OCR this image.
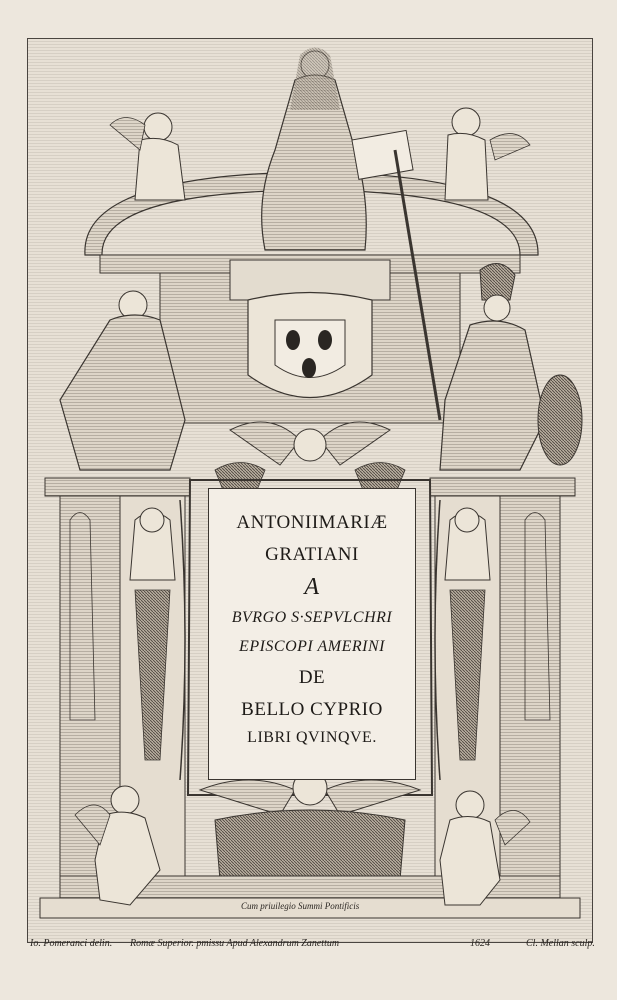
ANTONIIMARIÆ
GRATIANI
A
BVRGO S·SEPVLCHRI
EPISCOPI AMERINI
DE
BELLO CYPRIO
LIBRI QVINQVE.
Cum priuilegio Summi Pontificis
Io. Pomeranci delin. Romæ Superior. pmissu Apud Alexandrum Zanettum	1624	Cl. Mellan sculp.
